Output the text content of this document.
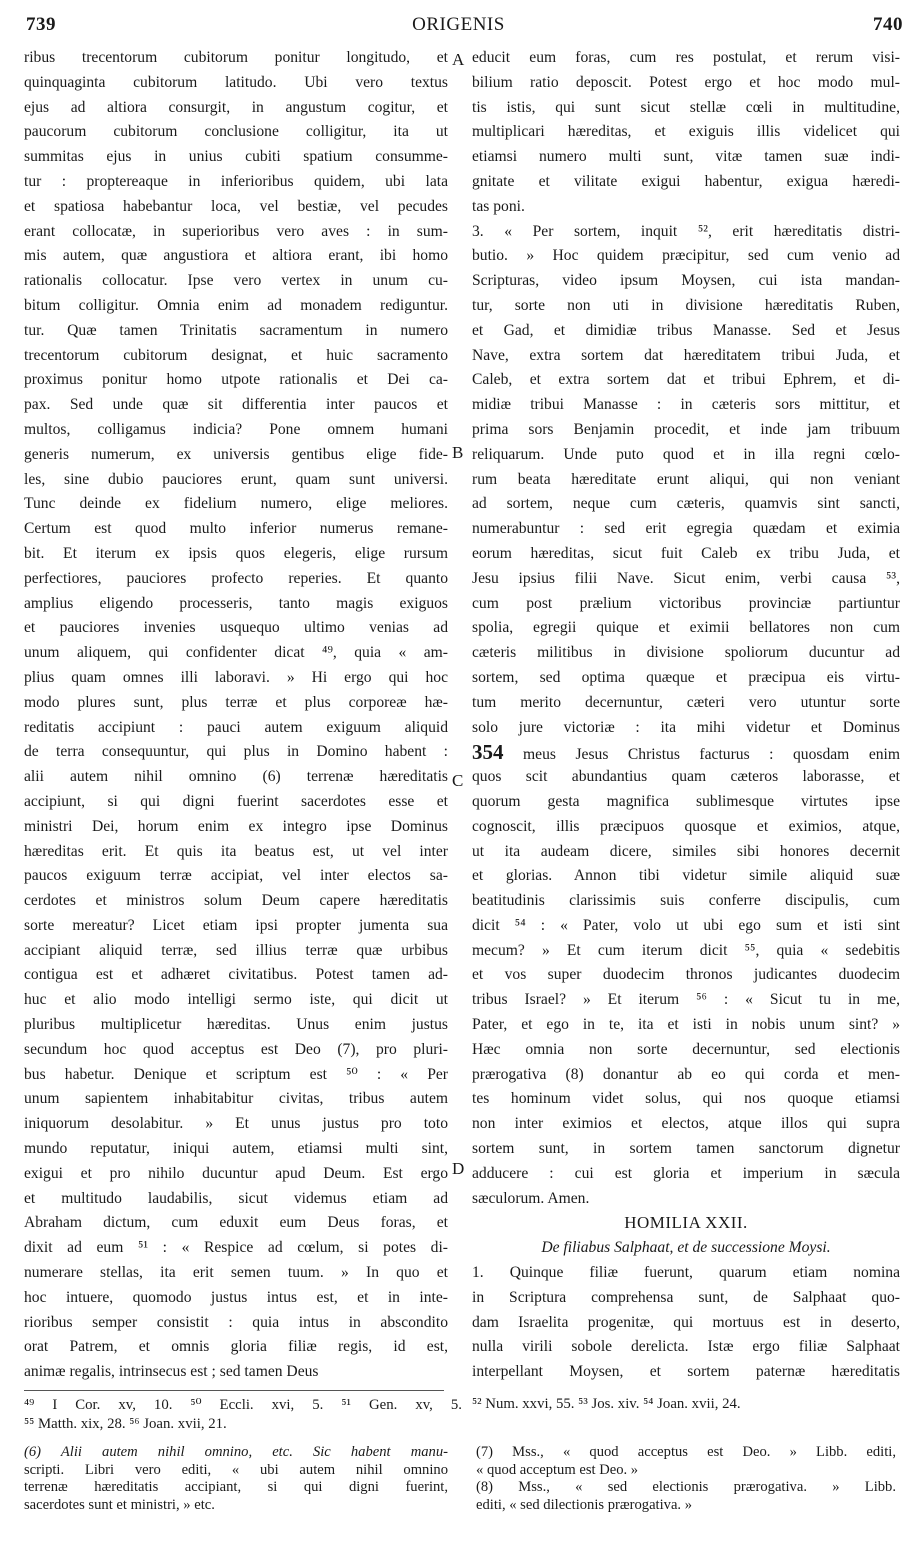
739	ORIGENIS	740
A
B
C
D
ribus trecentorum cubitorum ponitur longitudo, et
quinquaginta cubitorum latitudo. Ubi vero textus
ejus ad altiora consurgit, in angustum cogitur, et
paucorum cubitorum conclusione colligitur, ita ut
summitas ejus in unius cubiti spatium consumme-
tur : proptereaque in inferioribus quidem, ubi lata
et spatiosa habebantur loca, vel bestiæ, vel pecudes
erant collocatæ, in superioribus vero aves : in sum-
mis autem, quæ angustiora et altiora erant, ibi homo
rationalis collocatur. Ipse vero vertex in unum cu-
bitum colligitur. Omnia enim ad monadem rediguntur.
tur. Quæ tamen Trinitatis sacramentum in numero
trecentorum cubitorum designat, et huic sacramento
proximus ponitur homo utpote rationalis et Dei ca-
pax. Sed unde quæ sit differentia inter paucos et
multos, colligamus indicia? Pone omnem humani
generis numerum, ex universis gentibus elige fide-
les, sine dubio pauciores erunt, quam sunt universi.
Tunc deinde ex fidelium numero, elige meliores.
Certum est quod multo inferior numerus remane-
bit. Et iterum ex ipsis quos elegeris, elige rursum
perfectiores, pauciores profecto reperies. Et quanto
amplius eligendo processeris, tanto magis exiguos
et pauciores invenies usquequo ultimo venias ad
unum aliquem, qui confidenter dicat ⁴⁹, quia « am-
plius quam omnes illi laboravi. » Hi ergo qui hoc
modo plures sunt, plus terræ et plus corporeæ hæ-
reditatis accipiunt : pauci autem exiguum aliquid
de terra consequuntur, qui plus in Domino habent :
alii autem nihil omnino (6) terrenæ hæreditatis
accipiunt, si qui digni fuerint sacerdotes esse et
ministri Dei, horum enim ex integro ipse Dominus
hæreditas erit. Et quis ita beatus est, ut vel inter
paucos exiguum terræ accipiat, vel inter electos sa-
cerdotes et ministros solum Deum capere hæreditatis
sorte mereatur? Licet etiam ipsi propter jumenta sua
accipiant aliquid terræ, sed illius terræ quæ urbibus
contigua est et adhæret civitatibus. Potest tamen ad-
huc et alio modo intelligi sermo iste, qui dicit ut
pluribus multiplicetur hæreditas. Unus enim justus
secundum hoc quod acceptus est Deo (7), pro pluri-
bus habetur. Denique et scriptum est ⁵⁰ : « Per
unum sapientem inhabitabitur civitas, tribus autem
iniquorum desolabitur. » Et unus justus pro toto
mundo reputatur, iniqui autem, etiamsi multi sint,
exigui et pro nihilo ducuntur apud Deum. Est ergo
et multitudo laudabilis, sicut videmus etiam ad
Abraham dictum, cum eduxit eum Deus foras, et
dixit ad eum ⁵¹ : « Respice ad cœlum, si potes di-
numerare stellas, ita erit semen tuum. » In quo et
hoc intuere, quomodo justus intus est, et in inte-
rioribus semper consistit : quia intus in abscondito
orat Patrem, et omnis gloria filiæ regis, id est,
animæ regalis, intrinsecus est ; sed tamen Deus
educit eum foras, cum res postulat, et rerum visi-
bilium ratio deposcit. Potest ergo et hoc modo mul-
tis istis, qui sunt sicut stellæ cœli in multitudine,
multiplicari hæreditas, et exiguis illis videlicet qui
etiamsi numero multi sunt, vitæ tamen suæ indi-
gnitate et vilitate exigui habentur, exigua hæredi-
tas poni.
3. « Per sortem, inquit ⁵², erit hæreditatis distri-
butio. » Hoc quidem præcipitur, sed cum venio ad
Scripturas, video ipsum Moysen, cui ista mandan-
tur, sorte non uti in divisione hæreditatis Ruben,
et Gad, et dimidiæ tribus Manasse. Sed et Jesus
Nave, extra sortem dat hæreditatem tribui Juda, et
Caleb, et extra sortem dat et tribui Ephrem, et di-
midiæ tribui Manasse : in cæteris sors mittitur, et
prima sors Benjamin procedit, et inde jam tribuum
reliquarum. Unde puto quod et in illa regni cœlo-
rum beata hæreditate erunt aliqui, qui non veniant
ad sortem, neque cum cæteris, quamvis sint sancti,
numerabuntur : sed erit egregia quædam et eximia
eorum hæreditas, sicut fuit Caleb ex tribu Juda, et
Jesu ipsius filii Nave. Sicut enim, verbi causa ⁵³,
cum post prælium victoribus provinciæ partiuntur
spolia, egregii quique et eximii bellatores non cum
cæteris militibus in divisione spoliorum ducuntur ad
sortem, sed optima quæque et præcipua eis virtu-
tum merito decernuntur, cæteri vero utuntur sorte
solo jure victoriæ : ita mihi videtur et Dominus
354 meus Jesus Christus facturus : quosdam enim
quos scit abundantius quam cæteros laborasse, et
quorum gesta magnifica sublimesque virtutes ipse
cognoscit, illis præcipuos quosque et eximios, atque,
ut ita audeam dicere, similes sibi honores decernit
et glorias. Annon tibi videtur simile aliquid suæ
beatitudinis clarissimis suis conferre discipulis, cum
dicit ⁵⁴ : « Pater, volo ut ubi ego sum et isti sint
mecum? » Et cum iterum dicit ⁵⁵, quia « sedebitis
et vos super duodecim thronos judicantes duodecim
tribus Israel? » Et iterum ⁵⁶ : « Sicut tu in me,
Pater, et ego in te, ita et isti in nobis unum sint? »
Hæc omnia non sorte decernuntur, sed electionis
prærogativa (8) donantur ab eo qui corda et men-
tes hominum videt solus, qui nos quoque etiamsi
non inter eximios et electos, atque illos qui supra
sortem sunt, in sortem tamen sanctorum dignetur
adducere : cui est gloria et imperium in sæcula
sæculorum. Amen.
HOMILIA XXII.
De filiabus Salphaat, et de successione Moysi.
1. Quinque filiæ fuerunt, quarum etiam nomina
in Scriptura comprehensa sunt, de Salphaat quo-
dam Israelita progenitæ, qui mortuus est in deserto,
nulla virili sobole derelicta. Istæ ergo filiæ Salphaat
interpellant Moysen, et sortem paternæ hæreditatis
⁴⁹ I Cor. xv, 10. ⁵⁰ Eccli. xvi, 5. ⁵¹ Gen. xv, 5.
⁵⁵ Matth. xix, 28. ⁵⁶ Joan. xvii, 21.
⁵² Num. xxvi, 55. ⁵³ Jos. xiv. ⁵⁴ Joan. xvii, 24.
(6) Alii autem nihil omnino, etc. Sic habent manu-
scripti. Libri vero editi, « ubi autem nihil omnino
terrenæ hæreditatis accipiant, si qui digni fuerint,
sacerdotes sunt et ministri, » etc.
(7) Mss., « quod acceptus est Deo. » Libb. editi,
« quod acceptum est Deo. »
(8) Mss., « sed electionis prærogativa. » Libb.
editi, « sed dilectionis prærogativa. »
